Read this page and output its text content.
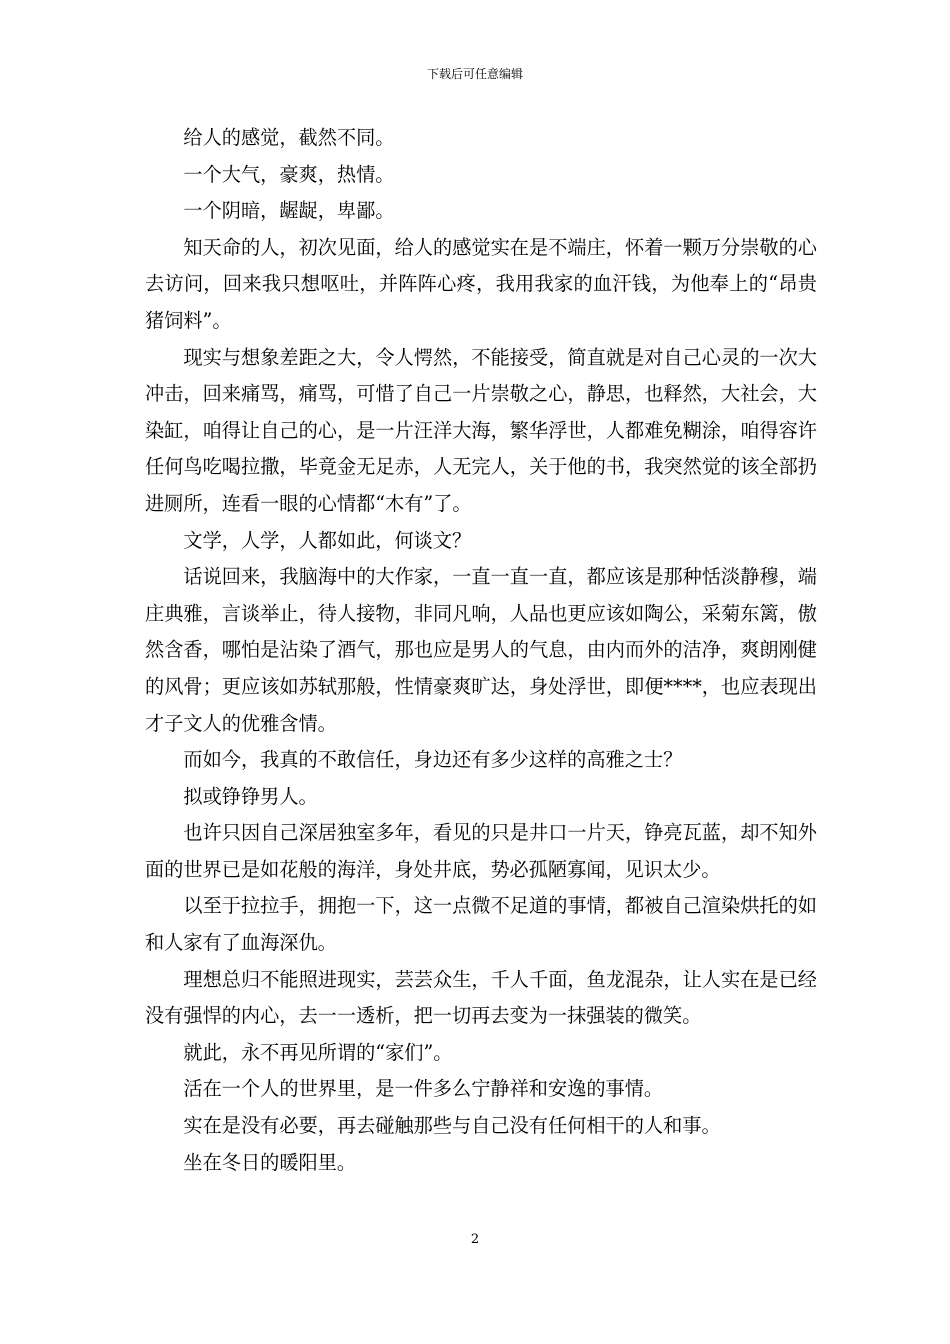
下载后可任意编辑

给人的感觉，截然不同。

一个大气，豪爽，热情。

一个阴暗，龌龊，卑鄙。

知天命的人，初次见面，给人的感觉实在是不端庄，怀着一颗万分崇敬的心去访问，回来我只想呕吐，并阵阵心疼，我用我家的血汗钱，为他奉上的“昂贵猪饲料”。

现实与想象差距之大，令人愕然，不能接受，简直就是对自己心灵的一次大冲击，回来痛骂，痛骂，可惜了自己一片崇敬之心，静思，也释然，大社会，大染缸，咱得让自己的心，是一片汪洋大海，繁华浮世，人都难免糊涂，咱得容许任何鸟吃喝拉撒，毕竟金无足赤，人无完人，关于他的书，我突然觉的该全部扔进厕所，连看一眼的心情都“木有”了。

文学，人学，人都如此，何谈文？

话说回来，我脑海中的大作家，一直一直一直，都应该是那种恬淡静穆，端庄典雅，言谈举止，待人接物，非同凡响，人品也更应该如陶公，采菊东篱，傲然含香，哪怕是沾染了酒气，那也应是男人的气息，由内而外的洁净，爽朗刚健的风骨；更应该如苏轼那般，性情豪爽旷达，身处浮世，即便****，也应表现出才子文人的优雅含情。

而如今，我真的不敢信任，身边还有多少这样的高雅之士？

拟或铮铮男人。

也许只因自己深居独室多年，看见的只是井口一片天，铮亮瓦蓝，却不知外面的世界已是如花般的海洋，身处井底，势必孤陋寡闻，见识太少。

以至于拉拉手，拥抱一下，这一点微不足道的事情，都被自己渲染烘托的如和人家有了血海深仇。

理想总归不能照进现实，芸芸众生，千人千面，鱼龙混杂，让人实在是已经没有强悍的内心，去一一透析，把一切再去变为一抹强装的微笑。

就此，永不再见所谓的“家们”。

活在一个人的世界里，是一件多么宁静祥和安逸的事情。

实在是没有必要，再去碰触那些与自己没有任何相干的人和事。

坐在冬日的暖阳里。

2
